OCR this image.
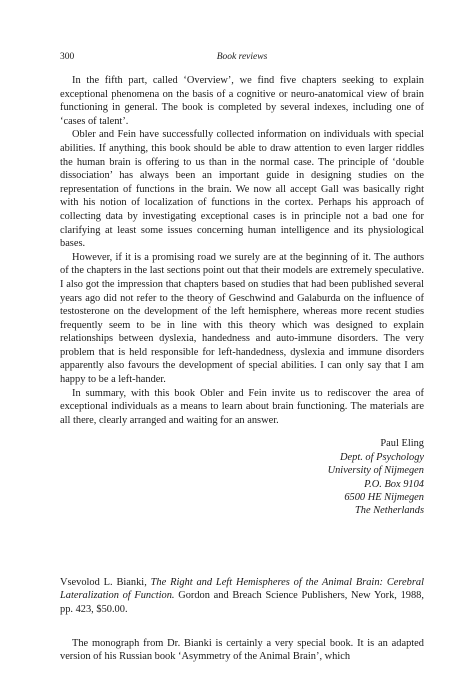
300	Book reviews

In the fifth part, called ‘Overview’, we find five chapters seeking to explain exceptional phenomena on the basis of a cognitive or neuro-anatomical view of brain functioning in general. The book is completed by several indexes, including one of ‘cases of talent’.

Obler and Fein have successfully collected information on individuals with special abilities. If anything, this book should be able to draw attention to even larger riddles the human brain is offering to us than in the normal case. The principle of ‘double dissociation’ has always been an important guide in designing studies on the representation of functions in the brain. We now all accept Gall was basically right with his notion of localization of functions in the cortex. Perhaps his approach of collecting data by investigating exceptional cases is in principle not a bad one for clarifying at least some issues concerning human intelligence and its physiological bases.

However, if it is a promising road we surely are at the beginning of it. The authors of the chapters in the last sections point out that their models are extremely speculative. I also got the impression that chapters based on studies that had been published several years ago did not refer to the theory of Geschwind and Galaburda on the influence of testosterone on the development of the left hemisphere, whereas more recent studies frequently seem to be in line with this theory which was designed to explain relationships between dyslexia, handedness and auto-immune disorders. The very problem that is held responsible for left-handedness, dyslexia and immune disorders apparently also favours the development of special abilities. I can only say that I am happy to be a left-hander.

In summary, with this book Obler and Fein invite us to rediscover the area of exceptional individuals as a means to learn about brain functioning. The materials are all there, clearly arranged and waiting for an answer.

Paul Eling
Dept. of Psychology
University of Nijmegen
P.O. Box 9104
6500 HE Nijmegen
The Netherlands
Vsevolod L. Bianki, The Right and Left Hemispheres of the Animal Brain: Cerebral Lateralization of Function. Gordon and Breach Science Publishers, New York, 1988, pp. 423, $50.00.

The monograph from Dr. Bianki is certainly a very special book. It is an adapted version of his Russian book ‘Asymmetry of the Animal Brain’, which
